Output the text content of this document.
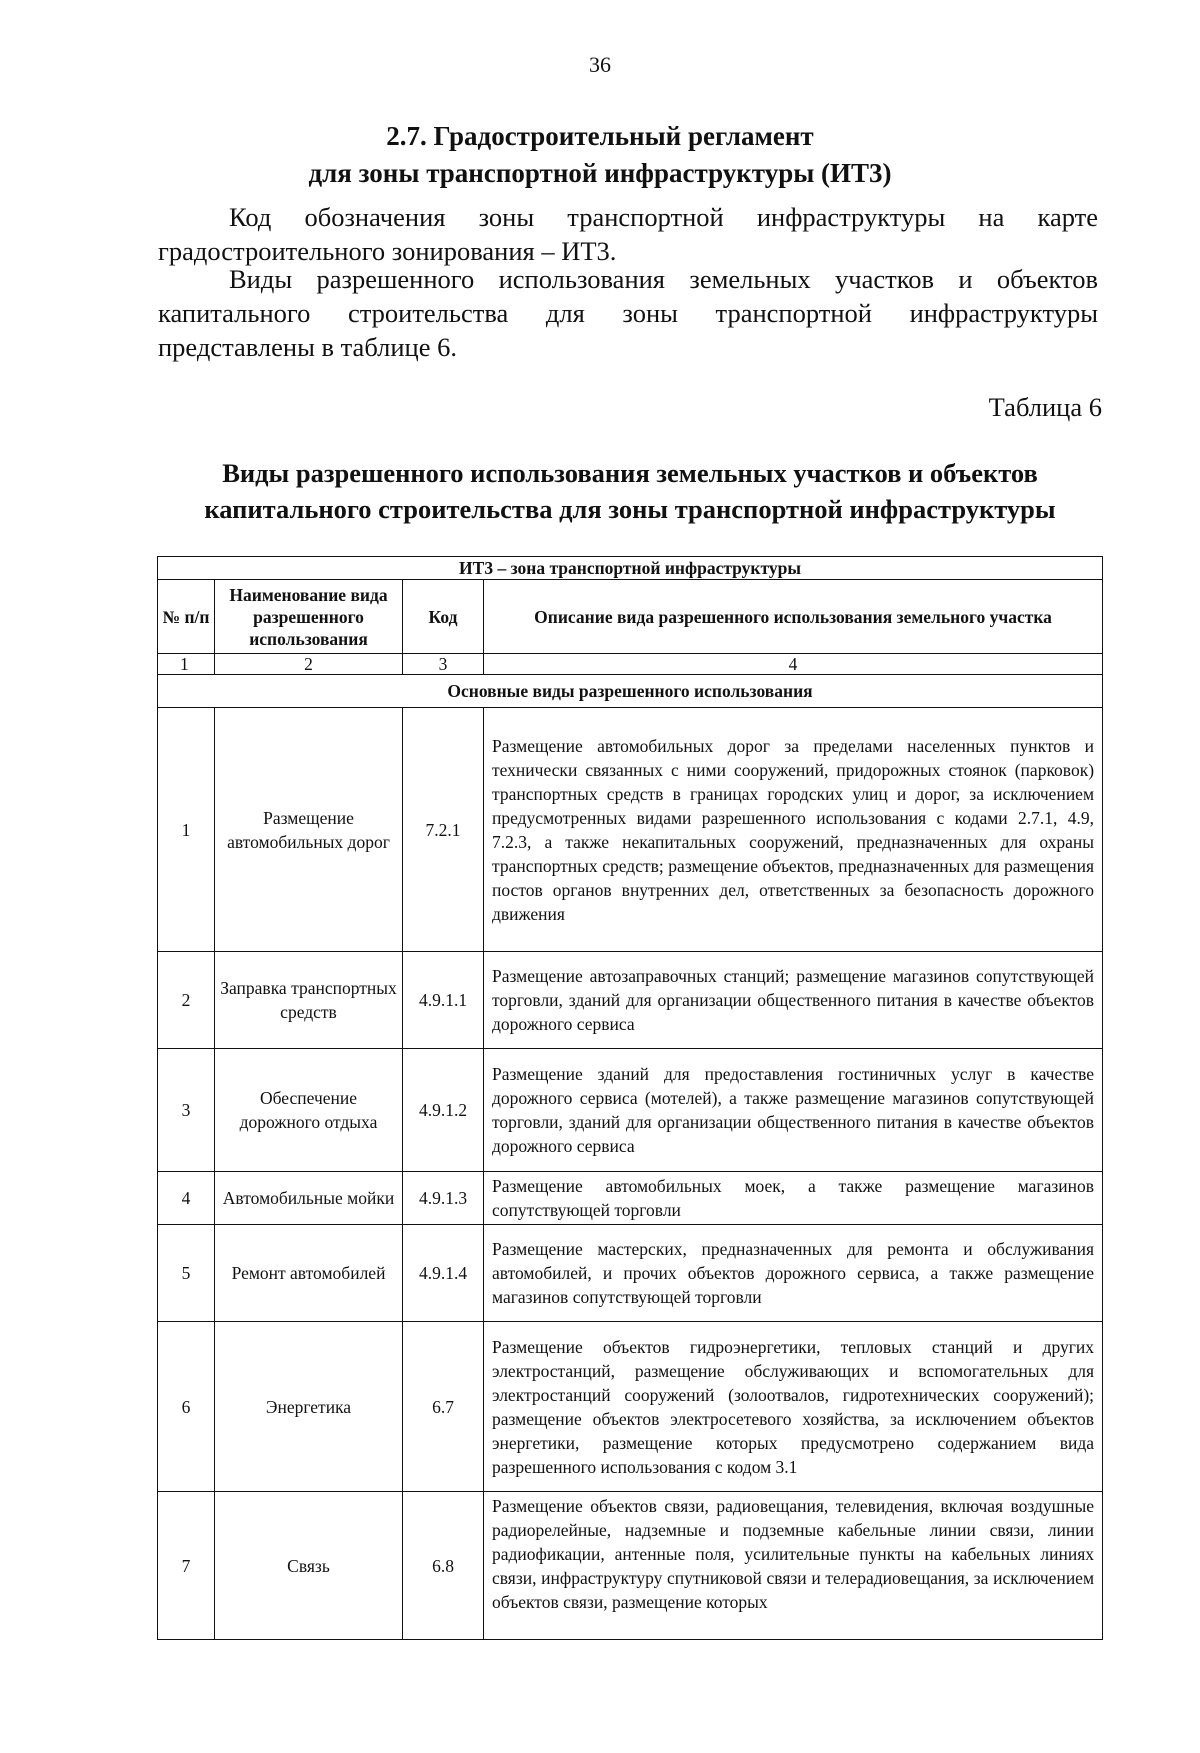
36
2.7. Градостроительный регламент
для зоны транспортной инфраструктуры (ИТ3)
Код обозначения зоны транспортной инфраструктуры на карте градостроительного зонирования – ИТ3.
Виды разрешенного использования земельных участков и объектов капитального строительства для зоны транспортной инфраструктуры представлены в таблице 6.
Таблица 6
Виды разрешенного использования земельных участков и объектов
капитального строительства для зоны транспортной инфраструктуры
ИТ3 – зона транспортной инфраструктуры			
№ п/п	Наименование вида разрешенного использования	Код	Описание вида разрешенного использования земельного участка
1	2	3	4
Основные виды разрешенного использования			
1	Размещение автомобильных дорог	7.2.1	Размещение автомобильных дорог за пределами населенных пунктов и технически связанных с ними сооружений, придорожных стоянок (парковок) транспортных средств в границах городских улиц и дорог, за исключением предусмотренных видами разрешенного использования с кодами 2.7.1, 4.9, 7.2.3, а также некапитальных сооружений, предназначенных для охраны транспортных средств; размещение объектов, предназначенных для размещения постов органов внутренних дел, ответственных за безопасность дорожного движения
2	Заправка транспортных средств	4.9.1.1	Размещение автозаправочных станций; размещение магазинов сопутствующей торговли, зданий для организации общественного питания в качестве объектов дорожного сервиса
3	Обеспечение дорожного отдыха	4.9.1.2	Размещение зданий для предоставления гостиничных услуг в качестве дорожного сервиса (мотелей), а также размещение магазинов сопутствующей торговли, зданий для организации общественного питания в качестве объектов дорожного сервиса
4	Автомобильные мойки	4.9.1.3	Размещение автомобильных моек, а также размещение магазинов сопутствующей торговли
5	Ремонт автомобилей	4.9.1.4	Размещение мастерских, предназначенных для ремонта и обслуживания автомобилей, и прочих объектов дорожного сервиса, а также размещение магазинов сопутствующей торговли
6	Энергетика	6.7	Размещение объектов гидроэнергетики, тепловых станций и других электростанций, размещение обслуживающих и вспомогательных для электростанций сооружений (золоотвалов, гидротехнических сооружений); размещение объектов электросетевого хозяйства, за исключением объектов энергетики, размещение которых предусмотрено содержанием вида разрешенного использования с кодом 3.1
7	Связь	6.8	Размещение объектов связи, радиовещания, телевидения, включая воздушные радиорелейные, надземные и подземные кабельные линии связи, линии радиофикации, антенные поля, усилительные пункты на кабельных линиях связи, инфраструктуру спутниковой связи и телерадиовещания, за исключением объектов связи, размещение которых
